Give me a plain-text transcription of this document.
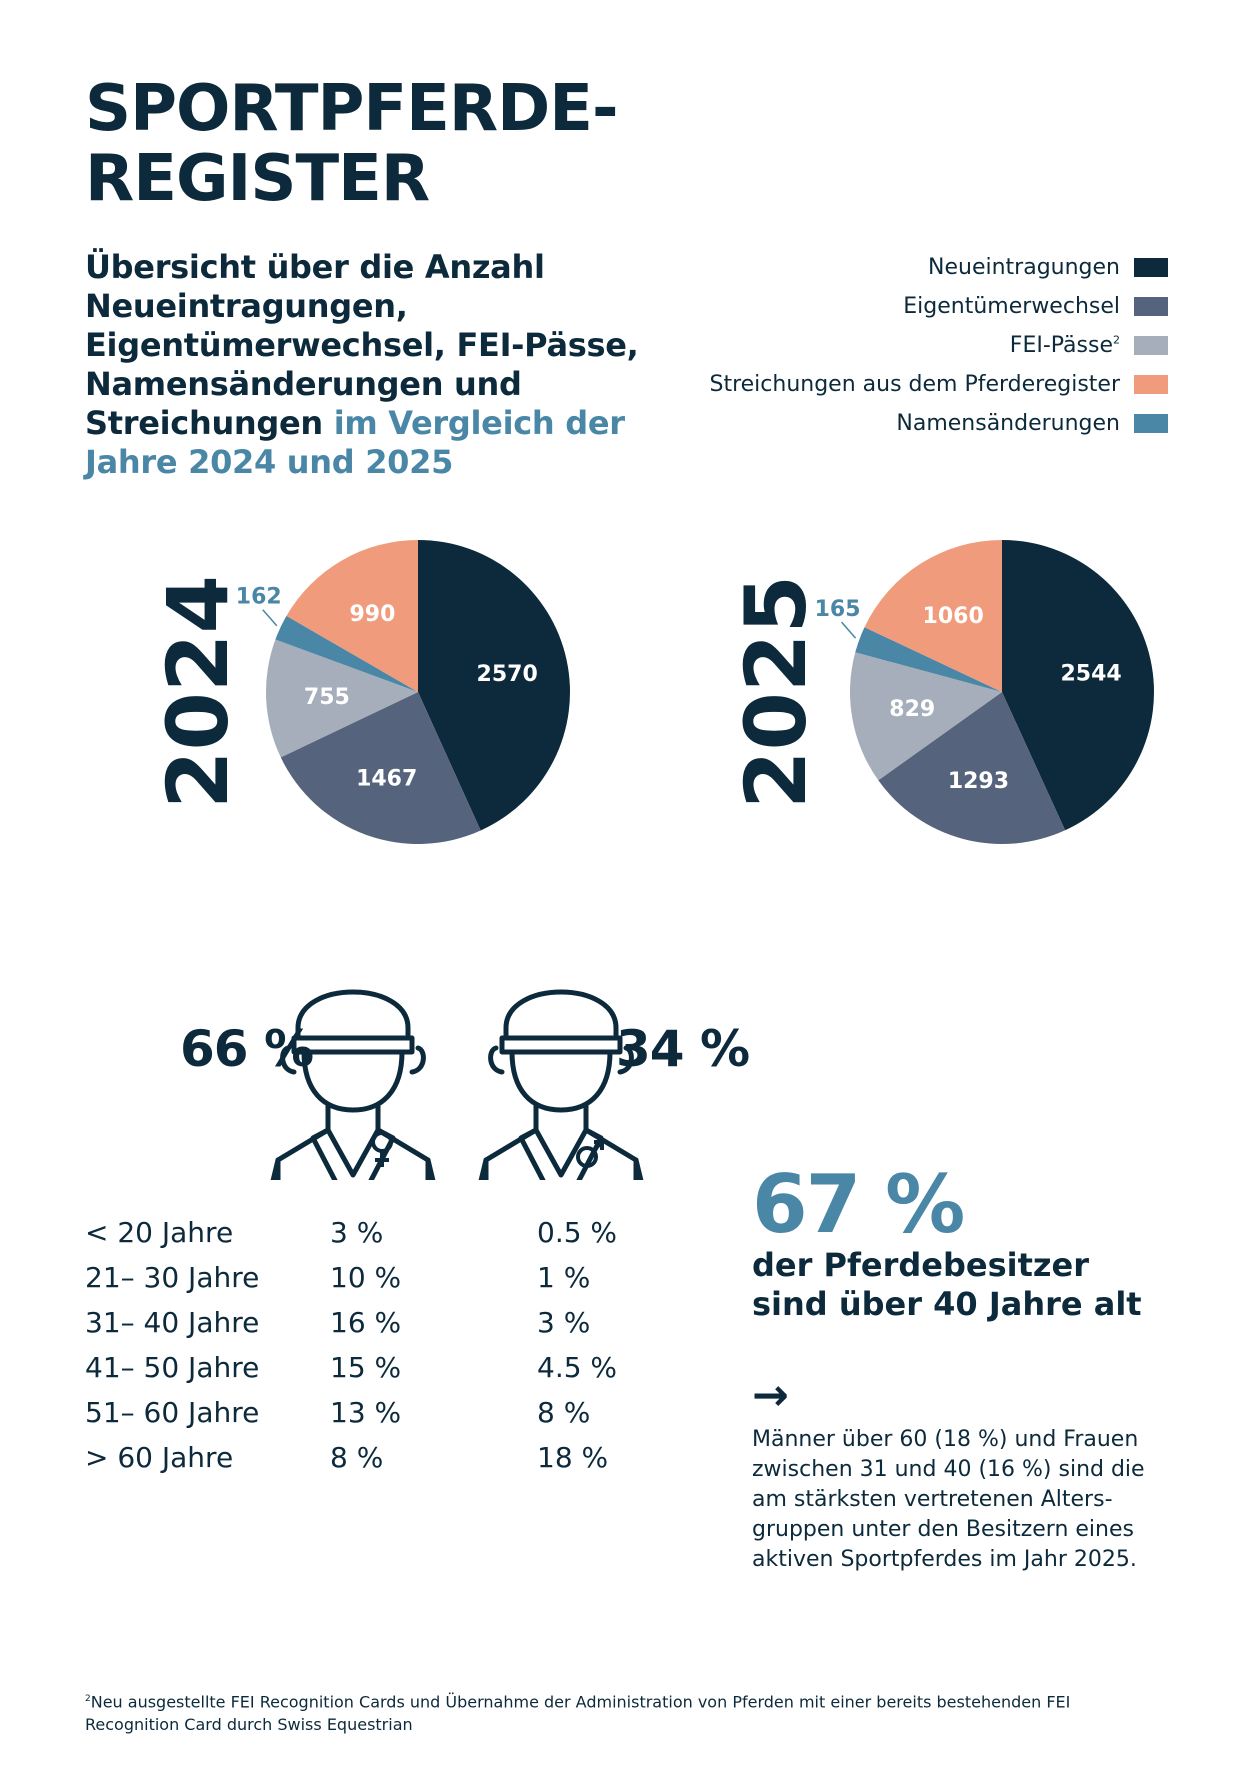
SPORTPFERDE-
REGISTER
Übersicht über die Anzahl Neueintragungen, Eigentümerwechsel, FEI-Pässe, Namensänderungen und Streichungen im Vergleich der Jahre 2024 und 2025
Neueintragungen
Eigentümerwechsel
FEI-Pässe$^2$
Streichungen aus dem Pferderegister
Namensänderungen
2570
1467
755
162
990
2024	2544
1293
829
165	1060
2025
66 %	34 %
< 20 Jahre	3 %	0.5 %
21– 30 Jahre	10 %	1 %
31– 40 Jahre	16 %	3 %
41– 50 Jahre	15 %	4.5 %
51– 60 Jahre	13 %	8 %
> 60 Jahre	8 %	18 %
67 %
der Pferdebesitzer sind über 40 Jahre alt
→
Männer über 60 (18 %) und Frauen zwischen 31 und 40 (16 %) sind die am stärksten vertretenen Altersgruppen unter den Besitzern eines aktiven Sportpferdes im Jahr 2025.
$^2$Neu ausgestellte FEI Recognition Cards und Übernahme der Administration von Pferden mit einer bereits bestehenden FEI Recognition Card durch Swiss Equestrian
